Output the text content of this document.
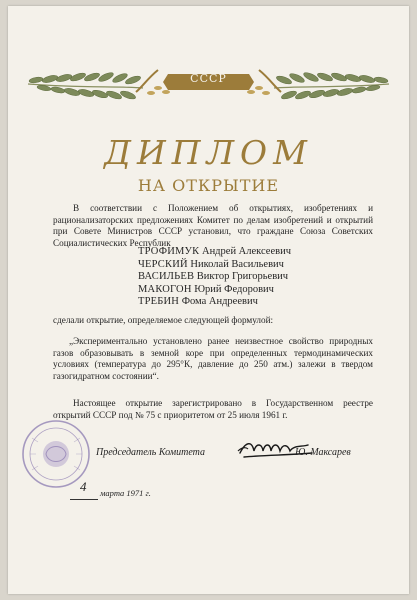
СССР
ДИПЛОМ
НА ОТКРЫТИЕ
В соответствии с Положением об открытиях, изобретениях и рационализаторских предложениях Комитет по делам изобретений и открытий при Совете Министров СССР установил, что граждане Союза Советских Социалистических Республик
ТРОФИМУК Андрей Алексеевич
ЧЕРСКИЙ Николай Васильевич
ВАСИЛЬЕВ Виктор Григорьевич
МАКОГОН Юрий Федорович
ТРЕБИН Фома Андреевич
сделали открытие, определяемое следующей формулой:
„Экспериментально установлено ранее неизвестное свойство природных газов образовывать в земной коре при определенных термодинамических условиях (температура до 295°К, давление до 250 атм.) залежи в твердом газогидратном состоянии“.
Настоящее открытие зарегистрировано в Государственном реестре открытий СССР под № 75 с приоритетом от 25 июля 1961 г.
Председатель Комитета	Ю. Максарев
4 марта 1971 г.
